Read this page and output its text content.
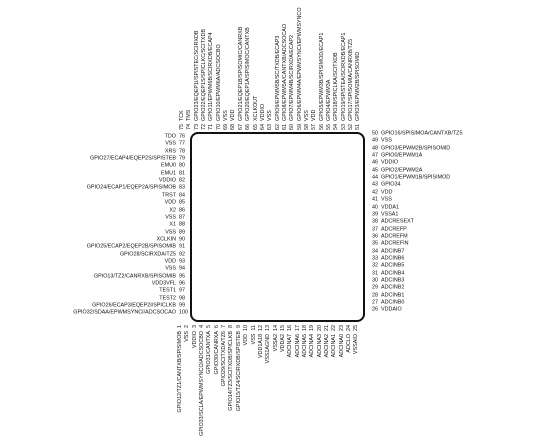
TDO 76
VSS 77
XRS 78
GPIO27/ECAP4/EQEP2S/SPISTEB 79
EMU0 80
EMU1 81
VDDIO 82
GPIO24/ECAP1/EQEP2A/SPISIMOB 83
TRST 84
VDD 85
X2 86
VSS 87
X1 88
VSS 89
XCLKIN 90
GPIO25/ECAP2/EQEP2B/SPISOMIB 91
GPIO28/SCIRXDA/TZ5 92
VDD 93
VSS 94
GPIO13/TZ2/CANRXB/SPISOMIB 95
VDD3VFL 96
TEST1 97
TEST2 98
GPIO26/ECAP3/EQEP2I/SPICLKB 99
GPIO32/SDAA/EPWMSYNCI/ADCSOCAO 100
50 GPIO16/SPISIMOA/CANTXB/TZ5
49 VSS
48 GPIO3/EPWM2B/SPISOMID
47 GPIO0/EPWM1A
46 VDDIO
45 GPIO2/EPWM2A
44 GPIO1/EPWM1B/SPISIMOD
43 GPIO34
42 VDD
41 VSS
40 VDDA1
39 VSSA1
38 ADCRESEXT
37 ADCREFP
36 ADCREFM
35 ADCREFIN
34 ADCINB7
33 ADCINB6
32 ADCINB5
31 ADCINB4
30 ADCINB3
29 ADCINB2
28 ADCINB1
27 ADCINB0
26 VDDAIO
75TCK
74TMS
73GPIO23/EQEP1I/SPISTEC/SCIRXDB
72GPIO22/EQEP1S/SPICLKC/SCITXDB
71GPIO11/EPWM6B/SCIRXDB/ECAP4
70GPIO10/EPWM6A/ADCSOCBO
69VSS
68VDD
67GPIO21/EQEP1B/SPISOMIC/CANRXB
66GPIO20/EQEP1A/SPISIMOC/CANTXB
65XCLKOUT
64VDDIO
63VSS
62GPIO9/EPWM5B/SCITXDB/ECAP3
61GPIO8/EPWM5A/CANTXB/ADCSOCAO
60GPIO7/EPWM4B/SCIRXDA/ECAP2
59GPIO6/EPWM4A/EPWMSYNCI/EPWMSYNCO
58VSS
57VDD
56GPIO5/EPWM3B/SPISIMOD/ECAP1
55GPIO4/EPWM3A
54GPIO18/SPICLKA/SCITXDB
53GPIO19/SPISTEA/SCIRXDB/ECAP1
52GPIO17/SPISOMIA/CANRXB/TZ5
51GPIO3/EPWM2B/SPISOMID
GPIO12/TZ1/CANTXB/SPISIMOB1
VSS2
VDDIO3
GPIO33/SCLA/EPWMSYNCO/ADCSOCBO4
GPIO31/CANTXA5
GPIO30/CANRXA6
GPIO29/SCITXDA/TZ67
GPIO14/TZ3/SCITXDB/SPICLKB8
GPIO15/TZ4/SCIRXDB/SPISTEB9
VDD10
VSS11
VDD1A1812
VSS1AGND13
VSSA214
VDDA215
ADCINA716
ADCINA617
ADCINA518
ADCINA419
ADCINA320
ADCINA221
ADCINA122
ADCINA023
ADCLO24
VSSAIO25
